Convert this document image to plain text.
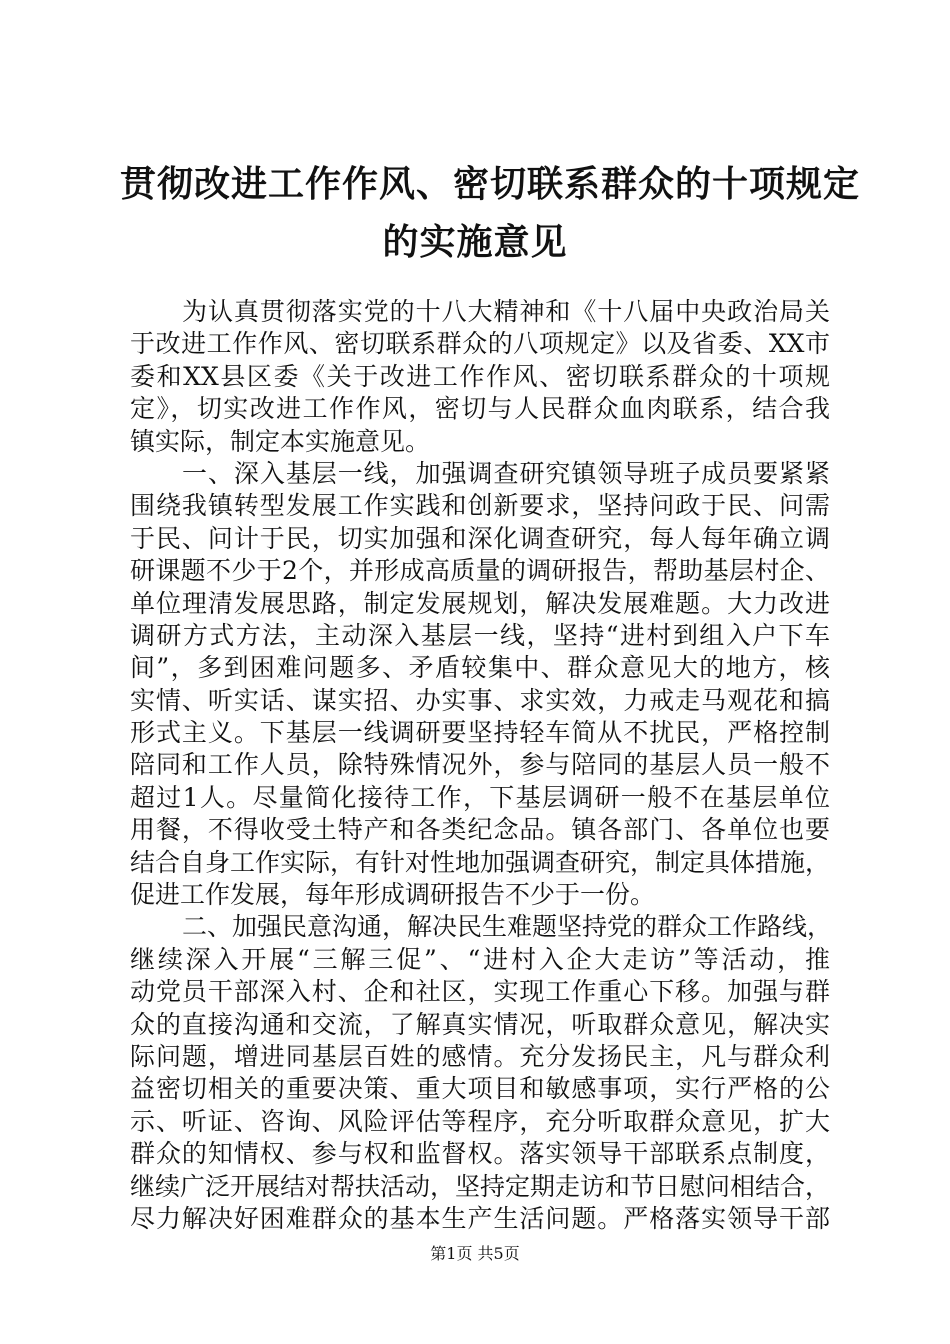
贯彻改进工作作风、密切联系群众的十项规定
的实施意见
为认真贯彻落实党的十八大精神和《十八届中央政治局关
于改进工作作风、密切联系群众的八项规定》以及省委、XX市
委和XX县区委《关于改进工作作风、密切联系群众的十项规
定》，切实改进工作作风，密切与人民群众血肉联系，结合我
镇实际，制定本实施意见。
一、深入基层一线，加强调查研究镇领导班子成员要紧紧
围绕我镇转型发展工作实践和创新要求，坚持问政于民、问需
于民、问计于民，切实加强和深化调查研究，每人每年确立调
研课题不少于2个，并形成高质量的调研报告，帮助基层村企、
单位理清发展思路，制定发展规划，解决发展难题。大力改进
调研方式方法，主动深入基层一线，坚持“进村到组入户下车
间”，多到困难问题多、矛盾较集中、群众意见大的地方，核
实情、听实话、谋实招、办实事、求实效，力戒走马观花和搞
形式主义。下基层一线调研要坚持轻车简从不扰民，严格控制
陪同和工作人员，除特殊情况外，参与陪同的基层人员一般不
超过1人。尽量简化接待工作，下基层调研一般不在基层单位
用餐，不得收受土特产和各类纪念品。镇各部门、各单位也要
结合自身工作实际，有针对性地加强调查研究，制定具体措施，
促进工作发展，每年形成调研报告不少于一份。
二、加强民意沟通，解决民生难题坚持党的群众工作路线，
继续深入开展“三解三促”、“进村入企大走访”等活动，推
动党员干部深入村、企和社区，实现工作重心下移。加强与群
众的直接沟通和交流，了解真实情况，听取群众意见，解决实
际问题，增进同基层百姓的感情。充分发扬民主，凡与群众利
益密切相关的重要决策、重大项目和敏感事项，实行严格的公
示、听证、咨询、风险评估等程序，充分听取群众意见，扩大
群众的知情权、参与权和监督权。落实领导干部联系点制度，
继续广泛开展结对帮扶活动，坚持定期走访和节日慰问相结合，
尽力解决好困难群众的基本生产生活问题。严格落实领导干部
第1页 共5页
